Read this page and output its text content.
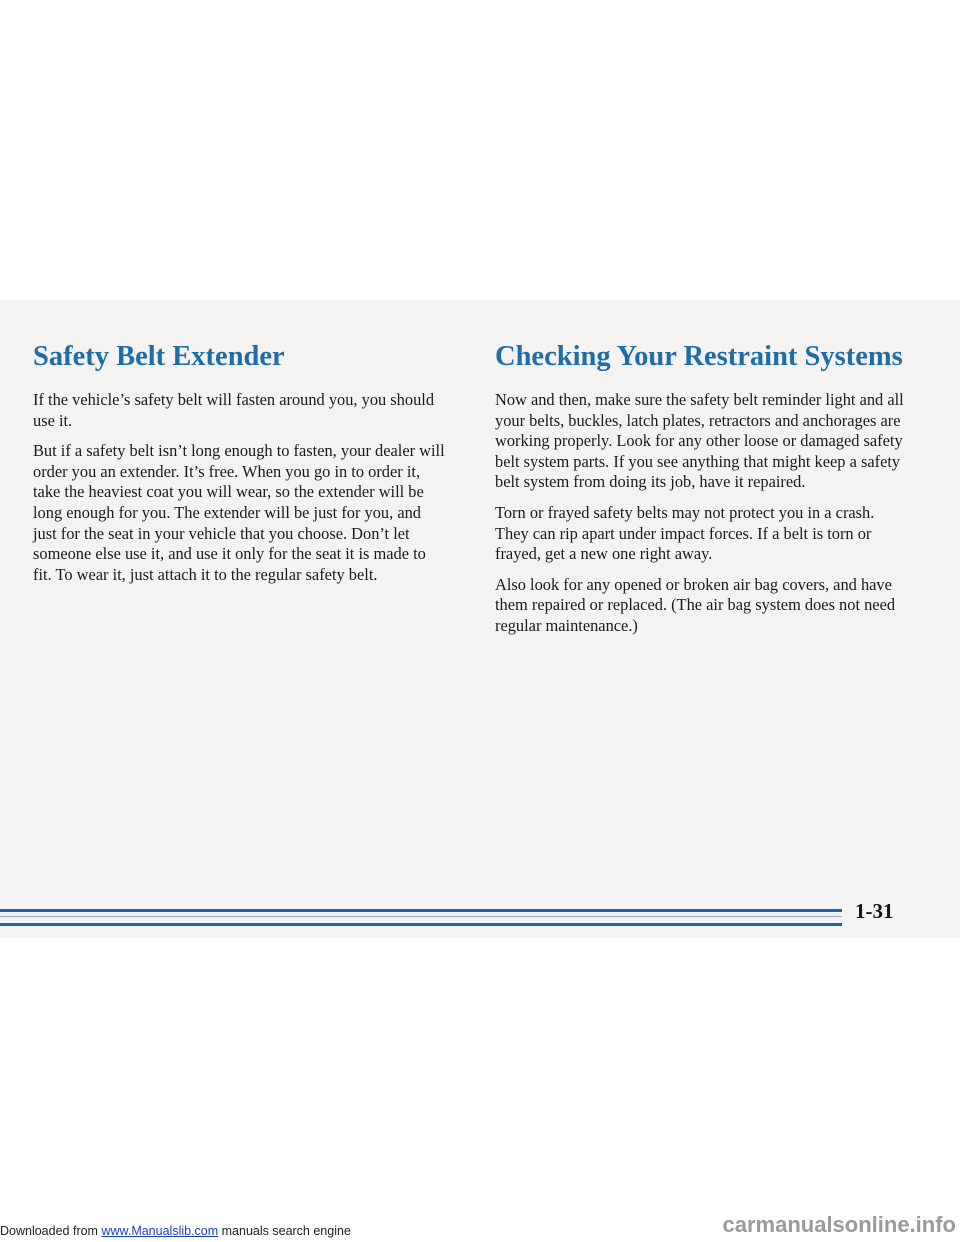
Safety Belt Extender

If the vehicle’s safety belt will fasten around you, you should use it.

But if a safety belt isn’t long enough to fasten, your dealer will order you an extender. It’s free. When you go in to order it, take the heaviest coat you will wear, so the extender will be long enough for you. The extender will be just for you, and just for the seat in your vehicle that you choose. Don’t let someone else use it, and use it only for the seat it is made to fit. To wear it, just attach it to the regular safety belt.

Checking Your Restraint Systems

Now and then, make sure the safety belt reminder light and all your belts, buckles, latch plates, retractors and anchorages are working properly. Look for any other loose or damaged safety belt system parts. If you see anything that might keep a safety belt system from doing its job, have it repaired.

Torn or frayed safety belts may not protect you in a crash. They can rip apart under impact forces. If a belt is torn or frayed, get a new one right away.

Also look for any opened or broken air bag covers, and have them repaired or replaced. (The air bag system does not need regular maintenance.)

1-31
Downloaded from www.Manualslib.com manuals search engine	carmanualsonline.info
